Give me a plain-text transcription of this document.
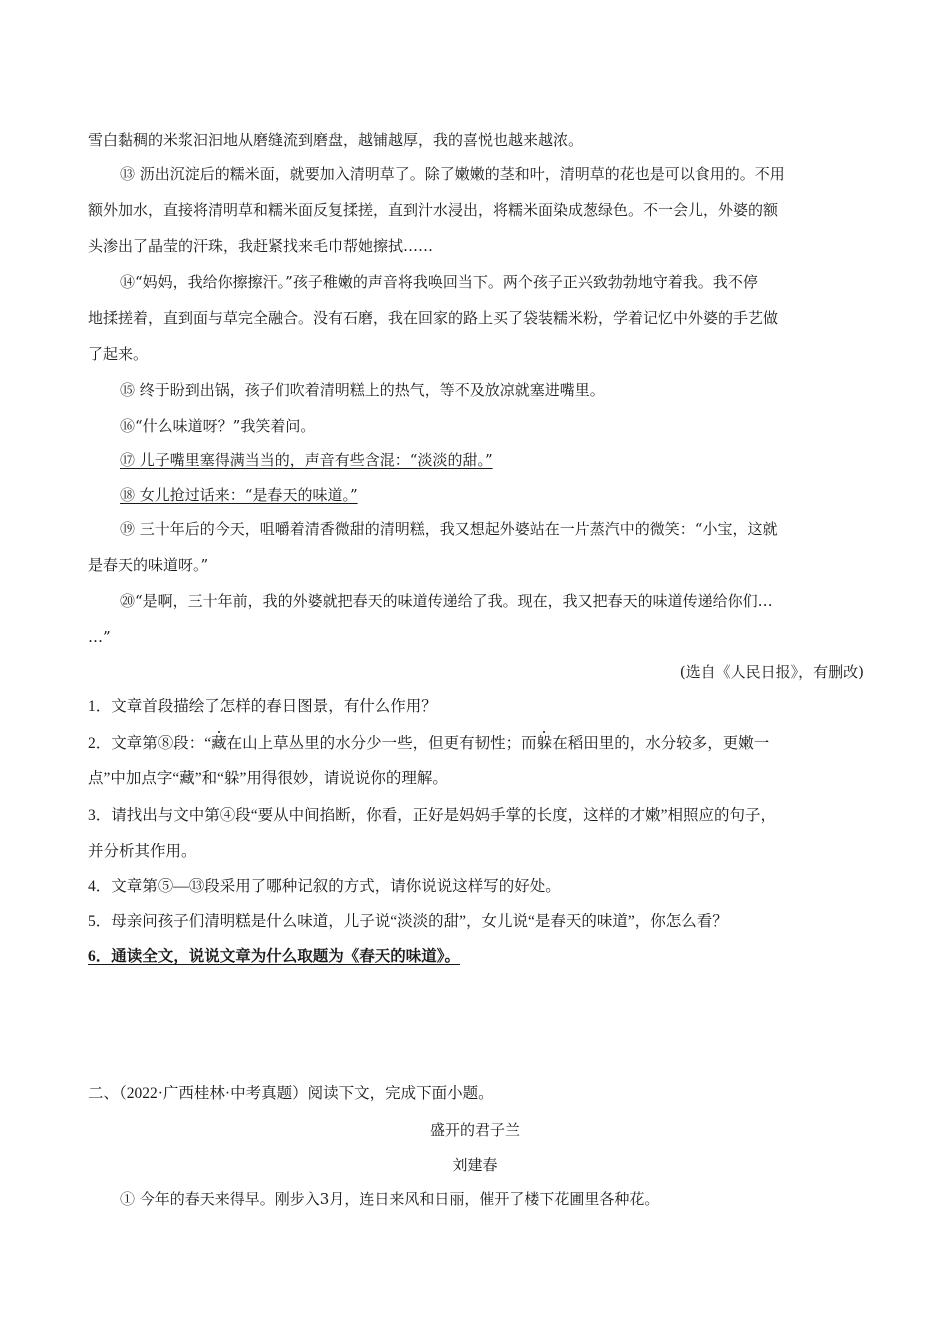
雪白黏稠的米浆汩汩地从磨缝流到磨盘，越铺越厚，我的喜悦也越来越浓。
⑬ 沥出沉淀后的糯米面，就要加入清明草了。除了嫩嫩的茎和叶，清明草的花也是可以食用的。不用
额外加水，直接将清明草和糯米面反复揉搓，直到汁水浸出，将糯米面染成葱绿色。不一会儿，外婆的额
头渗出了晶莹的汗珠，我赶紧找来毛巾帮她擦拭……
⑭“妈妈，我给你擦擦汗。”孩子稚嫩的声音将我唤回当下。两个孩子正兴致勃勃地守着我。我不停
地揉搓着，直到面与草完全融合。没有石磨，我在回家的路上买了袋装糯米粉，学着记忆中外婆的手艺做
了起来。
⑮ 终于盼到出锅，孩子们吹着清明糕上的热气，等不及放凉就塞进嘴里。
⑯“什么味道呀？”我笑着问。
⑰ 儿子嘴里塞得满当当的，声音有些含混：“淡淡的甜。”
⑱ 女儿抢过话来：“是春天的味道。”
⑲ 三十年后的今天，咀嚼着清香微甜的清明糕，我又想起外婆站在一片蒸汽中的微笑：“小宝，这就
是春天的味道呀。”
⑳“是啊，三十年前，我的外婆就把春天的味道传递给了我。现在，我又把春天的味道传递给你们…
…”
(选自《人民日报》，有删改)
1．文章首段描绘了怎样的春日图景，有什么作用？
2．文章第⑧段：“藏在山上草丛里的水分少一些，但更有韧性；而躲在稻田里的，水分较多，更嫩一
点”中加点字“藏”和“躲”用得很妙，请说说你的理解。
3．请找出与文中第④段“要从中间掐断，你看，正好是妈妈手掌的长度，这样的才嫩”相照应的句子，
并分析其作用。
4．文章第⑤—⑬段采用了哪种记叙的方式，请你说说这样写的好处。
5．母亲问孩子们清明糕是什么味道，儿子说“淡淡的甜”，女儿说“是春天的味道”，你怎么看？
6．通读全文，说说文章为什么取题为《春天的味道》。
二、（2022·广西桂林·中考真题）阅读下文，完成下面小题。
盛开的君子兰
刘建春
① 今年的春天来得早。刚步入3月，连日来风和日丽，催开了楼下花圃里各种花。
